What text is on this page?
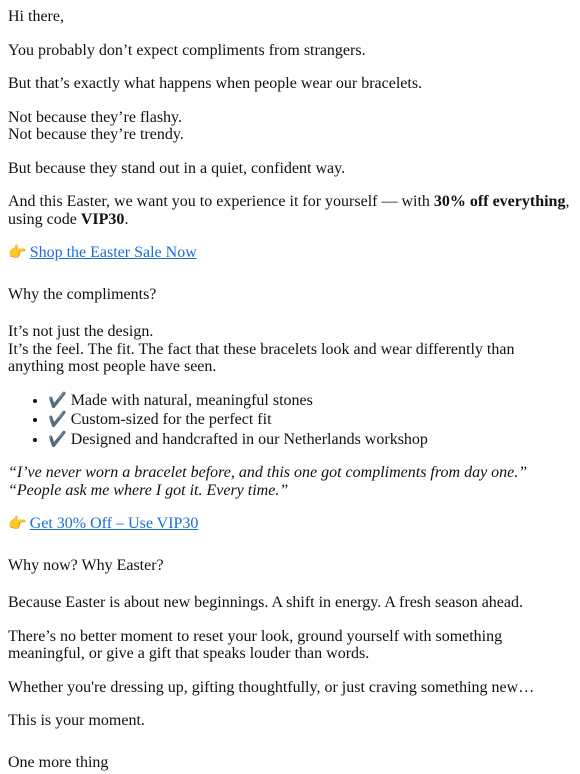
Hi there,

You probably don’t expect compliments from strangers.

But that’s exactly what happens when people wear our bracelets.

Not because they’re flashy.
Not because they’re trendy.

But because they stand out in a quiet, confident way.

And this Easter, we want you to experience it for yourself — with 30% off everything, using code VIP30.

👉 Shop the Easter Sale Now

Why the compliments?

It’s not just the design.
It’s the feel. The fit. The fact that these bracelets look and wear differently than anything most people have seen.

• ✔️ Made with natural, meaningful stones
• ✔️ Custom-sized for the perfect fit
• ✔️ Designed and handcrafted in our Netherlands workshop

“I’ve never worn a bracelet before, and this one got compliments from day one.”
“People ask me where I got it. Every time.”

👉 Get 30% Off – Use VIP30

Why now? Why Easter?

Because Easter is about new beginnings. A shift in energy. A fresh season ahead.

There’s no better moment to reset your look, ground yourself with something meaningful, or give a gift that speaks louder than words.

Whether you're dressing up, gifting thoughtfully, or just craving something new…

This is your moment.

One more thing
